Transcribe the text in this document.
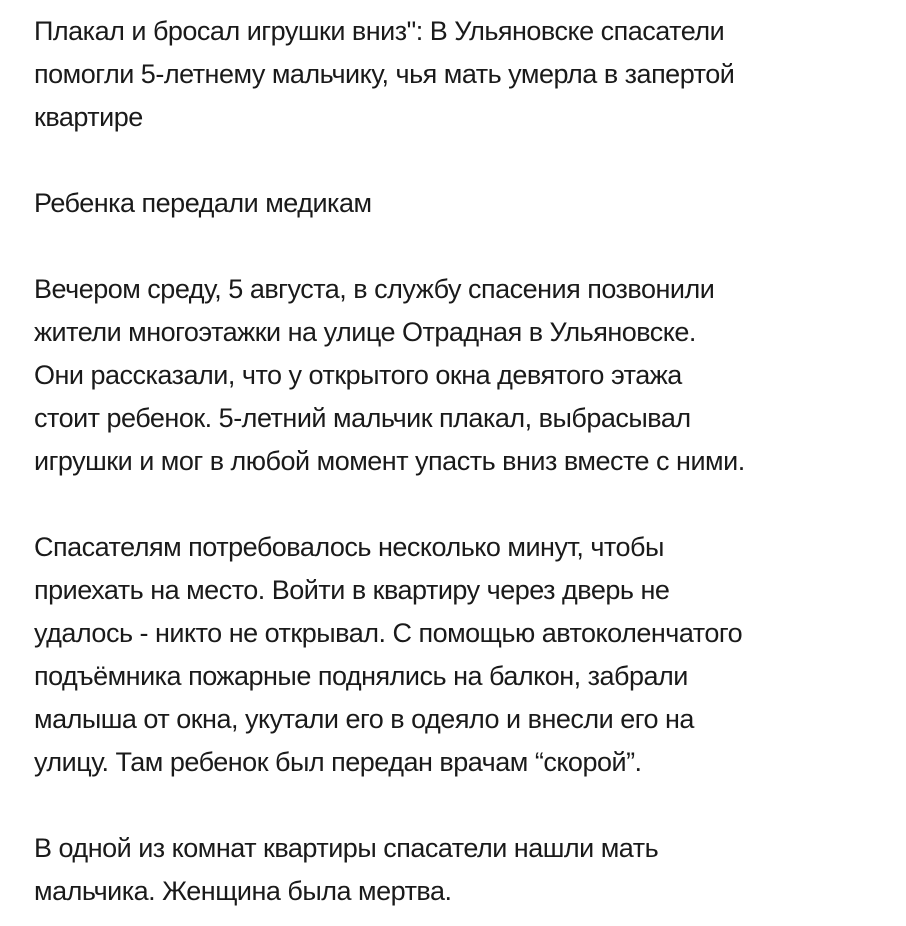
Плакал и бросал игрушки вниз": В Ульяновске спасатели
помогли 5-летнему мальчику, чья мать умерла в запертой
квартире

Ребенка передали медикам

Вечером среду, 5 августа, в службу спасения позвонили
жители многоэтажки на улице Отрадная в Ульяновске.
Они рассказали, что у открытого окна девятого этажа
стоит ребенок. 5-летний мальчик плакал, выбрасывал
игрушки и мог в любой момент упасть вниз вместе с ними.

Спасателям потребовалось несколько минут, чтобы
приехать на место. Войти в квартиру через дверь не
удалось - никто не открывал. С помощью автоколенчатого
подъёмника пожарные поднялись на балкон, забрали
малыша от окна, укутали его в одеяло и внесли его на
улицу. Там ребенок был передан врачам “скорой”.

В одной из комнат квартиры спасатели нашли мать
мальчика. Женщина была мертва.
